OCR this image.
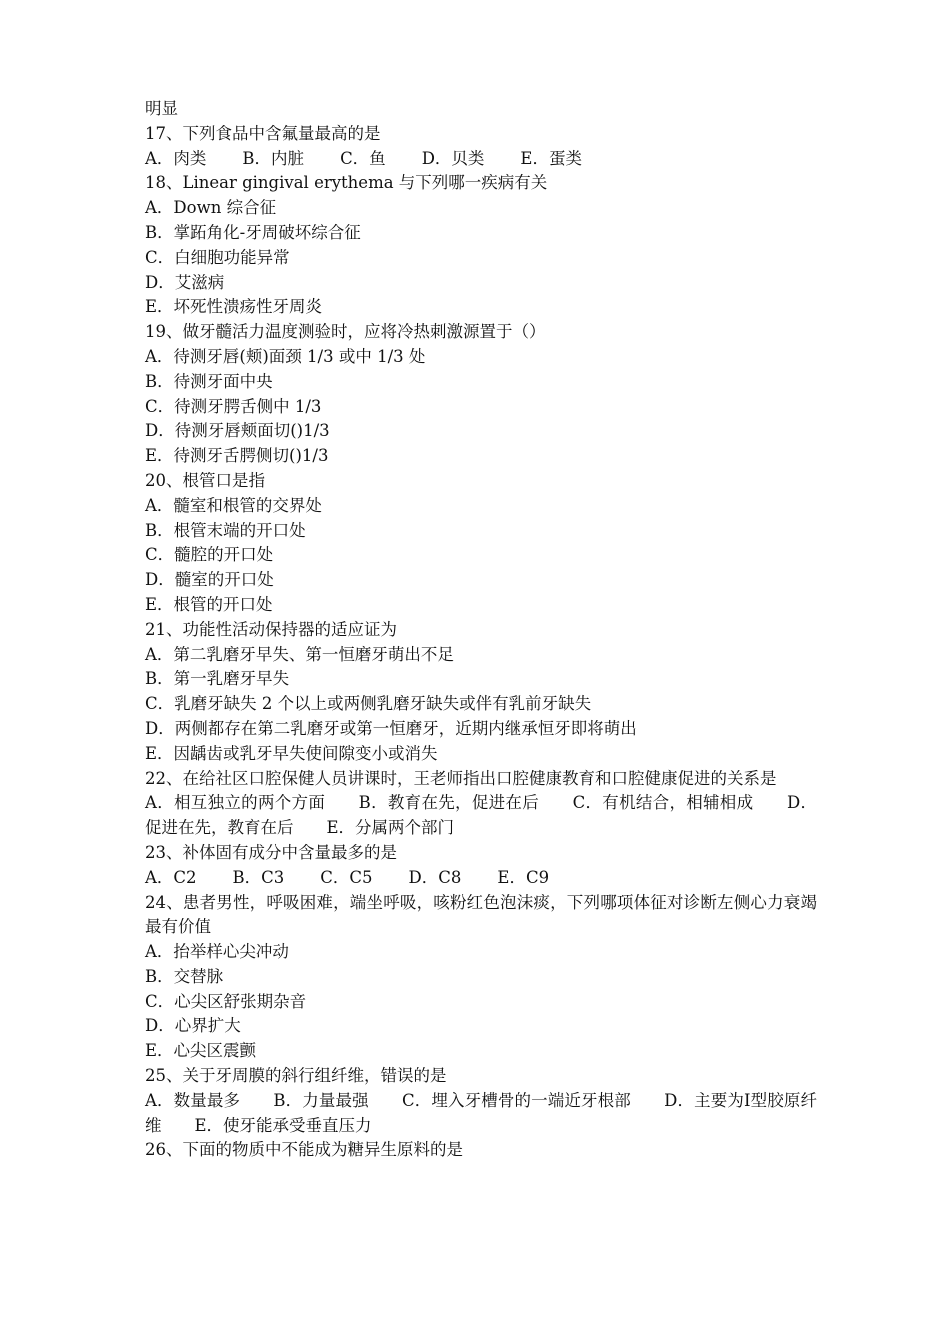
明显
17、下列食品中含氟量最高的是
A．肉类 B．内脏 C．鱼 D．贝类 E．蛋类
18、Linear gingival erythema 与下列哪一疾病有关
A．Down 综合征
B．掌跖角化-牙周破坏综合征
C．白细胞功能异常
D．艾滋病
E．坏死性溃疡性牙周炎
19、做牙髓活力温度测验时，应将冷热刺激源置于（）
A．待测牙唇(颊)面颈 1/3 或中 1/3 处
B．待测牙面中央
C．待测牙腭舌侧中 1/3
D．待测牙唇颊面切()1/3
E．待测牙舌腭侧切()1/3
20、根管口是指
A．髓室和根管的交界处
B．根管末端的开口处
C．髓腔的开口处
D．髓室的开口处
E．根管的开口处
21、功能性活动保持器的适应证为
A．第二乳磨牙早失、第一恒磨牙萌出不足
B．第一乳磨牙早失
C．乳磨牙缺失 2 个以上或两侧乳磨牙缺失或伴有乳前牙缺失
D．两侧都存在第二乳磨牙或第一恒磨牙，近期内继承恒牙即将萌出
E．因龋齿或乳牙早失使间隙变小或消失
22、在给社区口腔保健人员讲课时，王老师指出口腔健康教育和口腔健康促进的关系是
A．相互独立的两个方面　　B．教育在先，促进在后　　C．有机结合，相辅相成　　D．促进在先，教育在后　　E．分属两个部门
23、补体固有成分中含量最多的是
A．C2 B．C3 C．C5 D．C8 E．C9
24、患者男性，呼吸困难，端坐呼吸，咳粉红色泡沫痰，下列哪项体征对诊断左侧心力衰竭最有价值
A．抬举样心尖冲动
B．交替脉
C．心尖区舒张期杂音
D．心界扩大
E．心尖区震颤
25、关于牙周膜的斜行组纤维，错误的是
A．数量最多　　B．力量最强　　C．埋入牙槽骨的一端近牙根部　　D．主要为Ⅰ型胶原纤维　　E．使牙能承受垂直压力
26、下面的物质中不能成为糖异生原料的是
